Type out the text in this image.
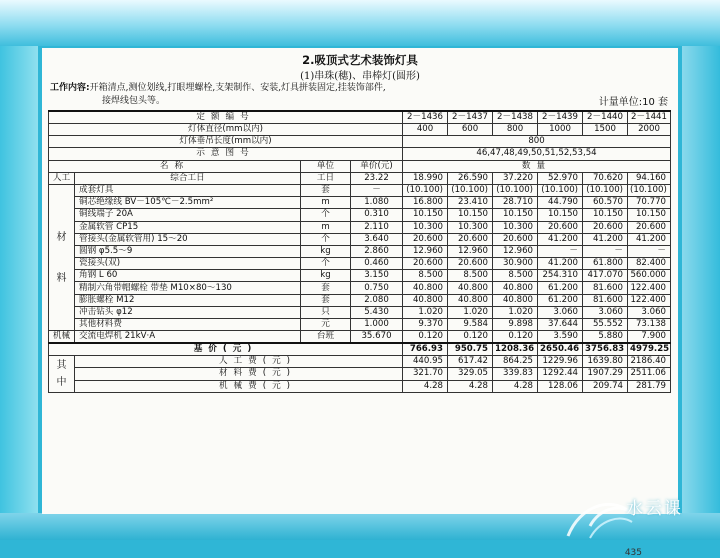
2.吸顶式艺术装饰灯具
(1)串珠(穗)、串棒灯(圆形)
工作内容:开箱清点,测位划线,打眼埋螺栓,支架制作、安装,灯具拼装固定,挂装饰部件,
接焊线包头等。	计量单位:10 套
定额编号				2－1436	2－1437	2－1438	2－1439	2－1440	2－1441
灯体直径(mm以内)				400	600	800	1000	1500	2000
灯体垂吊长度(mm以内)				800					
示意图号				46,47,48,49,50,51,52,53,54					
名称		单位	单价(元)	数量					
人工	综合工日	工日	23.22	18.990	26.590	37.220	52.970	70.620	94.160

材
料	成套灯具	套	－	(10.100)	(10.100)	(10.100)	(10.100)	(10.100)	(10.100)
	铜芯绝缘线 BV－105℃－2.5mm²	m	1.080	16.800	23.410	28.710	44.790	60.570	70.770
	铜线端子 20A	个	0.310	10.150	10.150	10.150	10.150	10.150	10.150
	金属软管 CP15	m	2.110	10.300	10.300	10.300	20.600	20.600	20.600
	管接头(金属软管用) 15～20	个	3.640	20.600	20.600	20.600	41.200	41.200	41.200
	圆钢 φ5.5～9	kg	2.860	12.960	12.960	12.960	－	－	－
	瓷接头(双)	个	0.460	20.600	20.600	30.900	41.200	61.800	82.400
	角钢 L 60	kg	3.150	8.500	8.500	8.500	254.310	417.070	560.000
	精制六角带帽螺栓 带垫 M10×80～130	套	0.750	40.800	40.800	40.800	61.200	81.600	122.400
	膨胀螺栓 M12	套	2.080	40.800	40.800	40.800	61.200	81.600	122.400
	冲击钻头 φ12	只	5.430	1.020	1.020	1.020	3.060	3.060	3.060
	其他材料费	元	1.000	9.370	9.584	9.898	37.644	55.552	73.138
机械	交流电焊机 21kV·A	台班	35.670	0.120	0.120	0.120	3.590	5.880	7.900
基价(元)				766.93	950.75	1208.36	2650.46	3756.83	4979.25

其
中	人工费(元)			440.95	617.42	864.25	1229.96	1639.80	2186.40
	材料费(元)			321.70	329.05	339.83	1292.44	1907.29	2511.06
	机械费(元)			4.28	4.28	4.28	128.06	209.74	281.79
435
水云课
